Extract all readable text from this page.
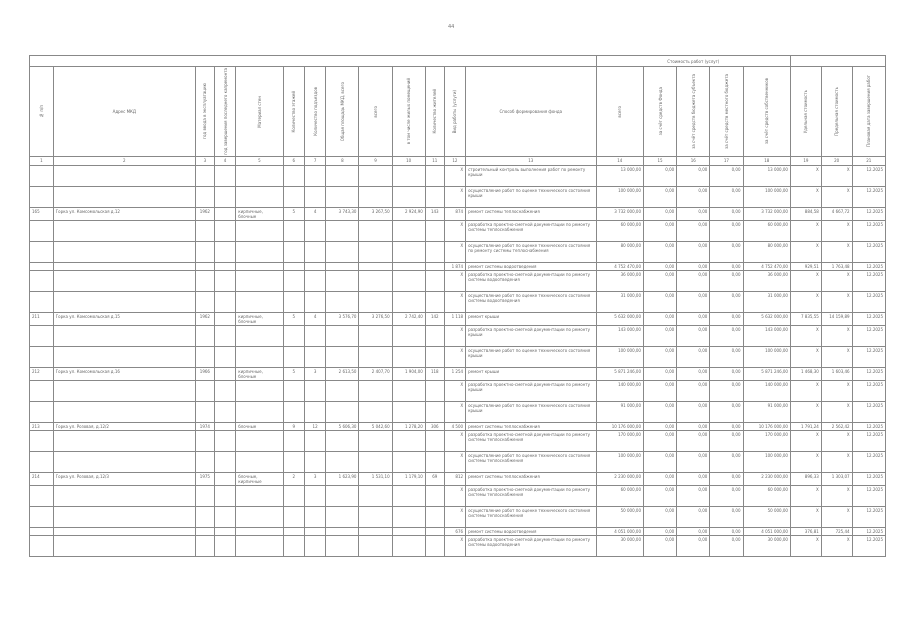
44
													Стоимость работ (услуг)							

№ п/п	Адрес МКД	год ввода в эксплуатацию	год завершения последнего капремонта	Материал стен	Количество этажей	Количество подъездов	Общая площадь МКД, всего	всего	в том числе жилых помещений	Количество жителей	Вид работы (услуги)	Способ формирования фонда	всего	за счёт средств Фонда	за счёт средств бюджета субъекта	за счёт средств местного бюджета	за счёт средств собственников	Удельная стоимость	Предельная стоимость	Плановая дата завершения работ

1	2	3	4	5	6	7	8	9	10	11	12	13	14	15	16	17	18	19	20	21
											X	строительный контроль выполнения работ по ремонту крыши	13 000,00	0,00	0,00	0,00	13 000,00	X	X	12.2025
											X	осуществление работ по оценке технического состояния крыши	100 000,00	0,00	0,00	0,00	100 000,00	X	X	12.2025
165	Горка ул. Комсомольская д.12	1962		кирпичные, блочные	5	4	3 743,30	3 267,50	2 924,90	143	874	ремонт системы теплоснабжения	3 732 000,00	0,00	0,00	0,00	3 732 000,00	884,58	4 667,72	12.2025
											X	разработка проектно-сметной документации по ремонту системы теплоснабжения	60 000,00	0,00	0,00	0,00	60 000,00	X	X	12.2025
											X	осуществление работ по оценке технического состояния по ремонту системы теплоснабжения	80 000,00	0,00	0,00	0,00	80 000,00	X	X	12.2025
											1 874	ремонт системы водоотведения	4 752 470,00	0,00	0,00	0,00	4 752 470,00	929,51	1 763,48	12.2025
											X	разработка проектно-сметной документации по ремонту системы водоотведения	36 000,00	0,00	0,00	0,00	36 000,00	X	X	12.2025
											X	осуществление работ по оценке технического состояния системы водоотведения	31 000,00	0,00	0,00	0,00	31 000,00	X	X	12.2025
211	Горка ул. Комсомольская д.15	1962		кирпичные, блочные	5	4	3 576,70	3 276,50	2 742,40	142	1 118	ремонт крыши	5 632 000,00	0,00	0,00	0,00	5 632 000,00	7 835,55	14 159,89	12.2025
											X	разработка проектно-сметной документации по ремонту крыши	143 000,00	0,00	0,00	0,00	143 000,00	X	X	12.2025
											X	осуществление работ по оценке технического состояния крыши	100 000,00	0,00	0,00	0,00	100 000,00	X	X	12.2025
212	Горка ул. Комсомольская д.16	1966		кирпичные, блочные	5	3	2 613,50	2 407,70	1 904,00	118	1 254	ремонт крыши	5 871 246,00	0,00	0,00	0,00	5 871 246,00	1 468,30	1 603,46	12.2025
											X	разработка проектно-сметной документации по ремонту крыши	140 000,00	0,00	0,00	0,00	140 000,00	X	X	12.2025
											X	осуществление работ по оценке технического состояния крыши	91 000,00	0,00	0,00	0,00	91 000,00	X	X	12.2025
213	Горка ул. Розовая, д.12/2	1974		блочные	9	12	5 606,30	5 042,60	1 278,20	306	4 500	ремонт системы теплоснабжения	10 176 000,00	0,00	0,00	0,00	10 176 000,00	1 791,24	2 562,42	12.2025
											X	разработка проектно-сметной документации по ремонту системы теплоснабжения	170 000,00	0,00	0,00	0,00	170 000,00	X	X	12.2025
											X	осуществление работ по оценке технического состояния системы теплоснабжения	100 000,00	0,00	0,00	0,00	100 000,00	X	X	12.2025
214	Горка ул. Розовая, д.12/3	1975		блочные, кирпичные	2	3	1 623,90	1 531,10	1 179,10	69	812	ремонт системы теплоснабжения	2 230 000,00	0,00	0,00	0,00	2 230 000,00	896,33	1 303,07	12.2025
											X	разработка проектно-сметной документации по ремонту системы теплоснабжения	60 000,00	0,00	0,00	0,00	60 000,00	X	X	12.2025
											X	осуществление работ по оценке технического состояния системы теплоснабжения	50 000,00	0,00	0,00	0,00	50 000,00	X	X	12.2025
											676	ремонт системы водоотведения	4 051 000,00	0,00	0,00	0,00	4 051 000,00	376,81	725,44	12.2025
											X	разработка проектно-сметной документации по ремонту системы водоотведения	30 000,00	0,00	0,00	0,00	30 000,00	X	X	12.2025
